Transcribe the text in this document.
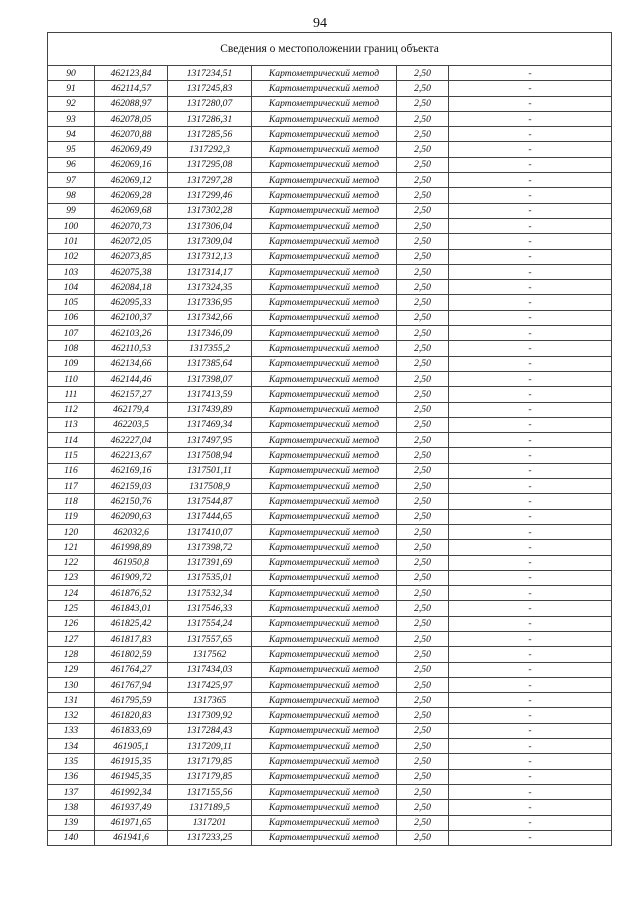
94
Сведения о местоположении границ объекта					
90	462123,84	1317234,51	Картометрический метод	2,50	-
91	462114,57	1317245,83	Картометрический метод	2,50	-
92	462088,97	1317280,07	Картометрический метод	2,50	-
93	462078,05	1317286,31	Картометрический метод	2,50	-
94	462070,88	1317285,56	Картометрический метод	2,50	-
95	462069,49	1317292,3	Картометрический метод	2,50	-
96	462069,16	1317295,08	Картометрический метод	2,50	-
97	462069,12	1317297,28	Картометрический метод	2,50	-
98	462069,28	1317299,46	Картометрический метод	2,50	-
99	462069,68	1317302,28	Картометрический метод	2,50	-
100	462070,73	1317306,04	Картометрический метод	2,50	-
101	462072,05	1317309,04	Картометрический метод	2,50	-
102	462073,85	1317312,13	Картометрический метод	2,50	-
103	462075,38	1317314,17	Картометрический метод	2,50	-
104	462084,18	1317324,35	Картометрический метод	2,50	-
105	462095,33	1317336,95	Картометрический метод	2,50	-
106	462100,37	1317342,66	Картометрический метод	2,50	-
107	462103,26	1317346,09	Картометрический метод	2,50	-
108	462110,53	1317355,2	Картометрический метод	2,50	-
109	462134,66	1317385,64	Картометрический метод	2,50	-
110	462144,46	1317398,07	Картометрический метод	2,50	-
111	462157,27	1317413,59	Картометрический метод	2,50	-
112	462179,4	1317439,89	Картометрический метод	2,50	-
113	462203,5	1317469,34	Картометрический метод	2,50	-
114	462227,04	1317497,95	Картометрический метод	2,50	-
115	462213,67	1317508,94	Картометрический метод	2,50	-
116	462169,16	1317501,11	Картометрический метод	2,50	-
117	462159,03	1317508,9	Картометрический метод	2,50	-
118	462150,76	1317544,87	Картометрический метод	2,50	-
119	462090,63	1317444,65	Картометрический метод	2,50	-
120	462032,6	1317410,07	Картометрический метод	2,50	-
121	461998,89	1317398,72	Картометрический метод	2,50	-
122	461950,8	1317391,69	Картометрический метод	2,50	-
123	461909,72	1317535,01	Картометрический метод	2,50	-
124	461876,52	1317532,34	Картометрический метод	2,50	-
125	461843,01	1317546,33	Картометрический метод	2,50	-
126	461825,42	1317554,24	Картометрический метод	2,50	-
127	461817,83	1317557,65	Картометрический метод	2,50	-
128	461802,59	1317562	Картометрический метод	2,50	-
129	461764,27	1317434,03	Картометрический метод	2,50	-
130	461767,94	1317425,97	Картометрический метод	2,50	-
131	461795,59	1317365	Картометрический метод	2,50	-
132	461820,83	1317309,92	Картометрический метод	2,50	-
133	461833,69	1317284,43	Картометрический метод	2,50	-
134	461905,1	1317209,11	Картометрический метод	2,50	-
135	461915,35	1317179,85	Картометрический метод	2,50	-
136	461945,35	1317179,85	Картометрический метод	2,50	-
137	461992,34	1317155,56	Картометрический метод	2,50	-
138	461937,49	1317189,5	Картометрический метод	2,50	-
139	461971,65	1317201	Картометрический метод	2,50	-
140	461941,6	1317233,25	Картометрический метод	2,50	-
